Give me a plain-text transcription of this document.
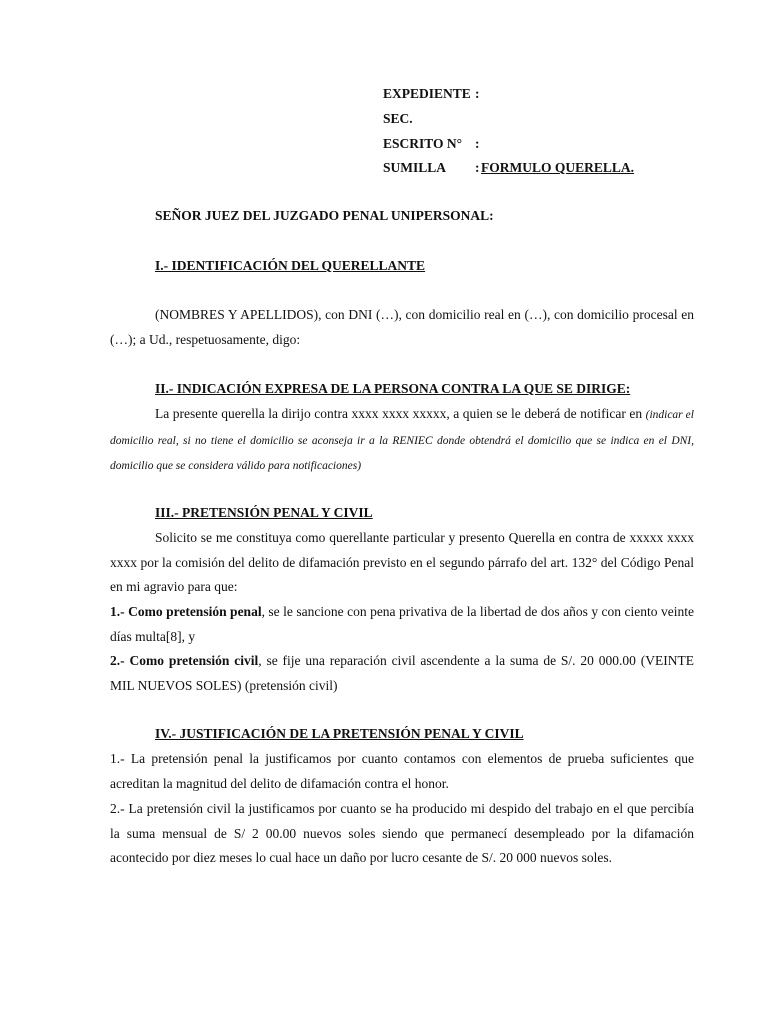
EXPEDIENTE :
SEC.
ESCRITO N° :
SUMILLA : FORMULO QUERELLA.
SEÑOR JUEZ DEL JUZGADO PENAL UNIPERSONAL:
I.- IDENTIFICACIÓN DEL QUERELLANTE
(NOMBRES Y APELLIDOS), con DNI (…), con domicilio real en (…), con domicilio procesal en (…); a Ud., respetuosamente, digo:
II.- INDICACIÓN EXPRESA DE LA PERSONA CONTRA LA QUE SE DIRIGE:
La presente querella la dirijo contra xxxx xxxx xxxxx, a quien se le deberá de notificar en (indicar el domicilio real, si no tiene el domicilio se aconseja ir a la RENIEC donde obtendrá el domicilio que se indica en el DNI, domicilio que se considera válido para notificaciones)
III.- PRETENSIÓN PENAL Y CIVIL
Solicito se me constituya como querellante particular y presento Querella en contra de xxxxx xxxx xxxx por la comisión del delito de difamación previsto en el segundo párrafo del art. 132° del Código Penal en mi agravio para que:
1.- Como pretensión penal, se le sancione con pena privativa de la libertad de dos años y con ciento veinte días multa[8], y
2.- Como pretensión civil, se fije una reparación civil ascendente a la suma de S/. 20 000.00 (VEINTE MIL NUEVOS SOLES) (pretensión civil)
IV.- JUSTIFICACIÓN DE LA PRETENSIÓN PENAL Y CIVIL
1.- La pretensión penal la justificamos por cuanto contamos con elementos de prueba suficientes que acreditan la magnitud del delito de difamación contra el honor.
2.- La pretensión civil la justificamos por cuanto se ha producido mi despido del trabajo en el que percibía la suma mensual de S/ 2 00.00 nuevos soles siendo que permanecí desempleado por la difamación acontecido por diez meses lo cual hace un daño por lucro cesante de S/. 20 000 nuevos soles.
